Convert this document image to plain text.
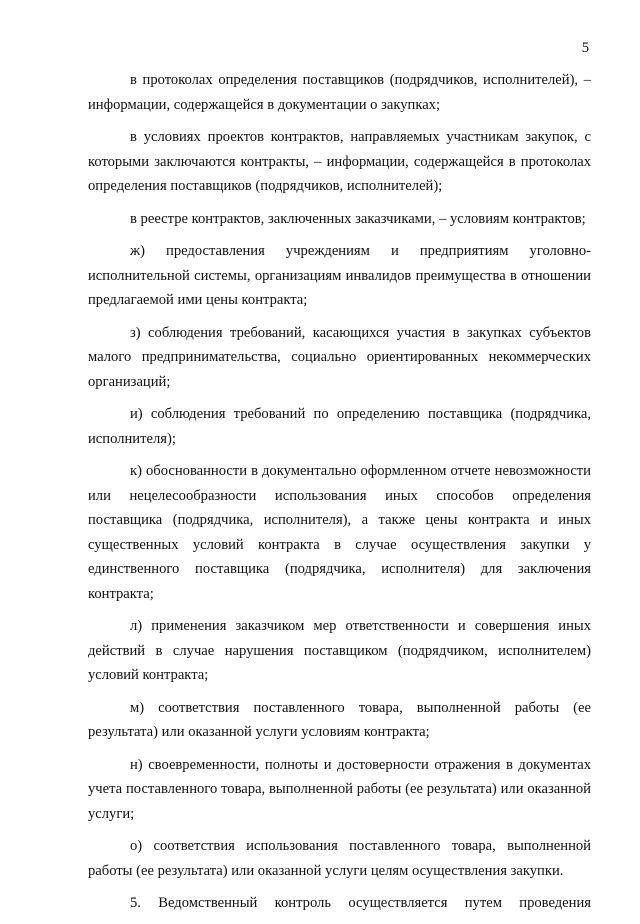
5

в протоколах определения поставщиков (подрядчиков, исполнителей), – информации, содержащейся в документации о закупках;

в условиях проектов контрактов, направляемых участникам закупок, с которыми заключаются контракты, – информации, содержащейся в протоколах определения поставщиков (подрядчиков, исполнителей);

в реестре контрактов, заключенных заказчиками, – условиям контрактов;

ж) предоставления учреждениям и предприятиям уголовно-исполнительной системы, организациям инвалидов преимущества в отношении предлагаемой ими цены контракта;

з) соблюдения требований, касающихся участия в закупках субъектов малого предпринимательства, социально ориентированных некоммерческих организаций;

и) соблюдения требований по определению поставщика (подрядчика, исполнителя);

к) обоснованности в документально оформленном отчете невозможности или нецелесообразности использования иных способов определения поставщика (подрядчика, исполнителя), а также цены контракта и иных существенных условий контракта в случае осуществления закупки у единственного поставщика (подрядчика, исполнителя) для заключения контракта;

л) применения заказчиком мер ответственности и совершения иных действий в случае нарушения поставщиком (подрядчиком, исполнителем) условий контракта;

м) соответствия поставленного товара, выполненной работы (ее результата) или оказанной услуги условиям контракта;

н) своевременности, полноты и достоверности отражения в документах учета поставленного товара, выполненной работы (ее результата) или оказанной услуги;

о) соответствия использования поставленного товара, выполненной работы (ее результата) или оказанной услуги целям осуществления закупки.

5. Ведомственный контроль осуществляется путем проведения
